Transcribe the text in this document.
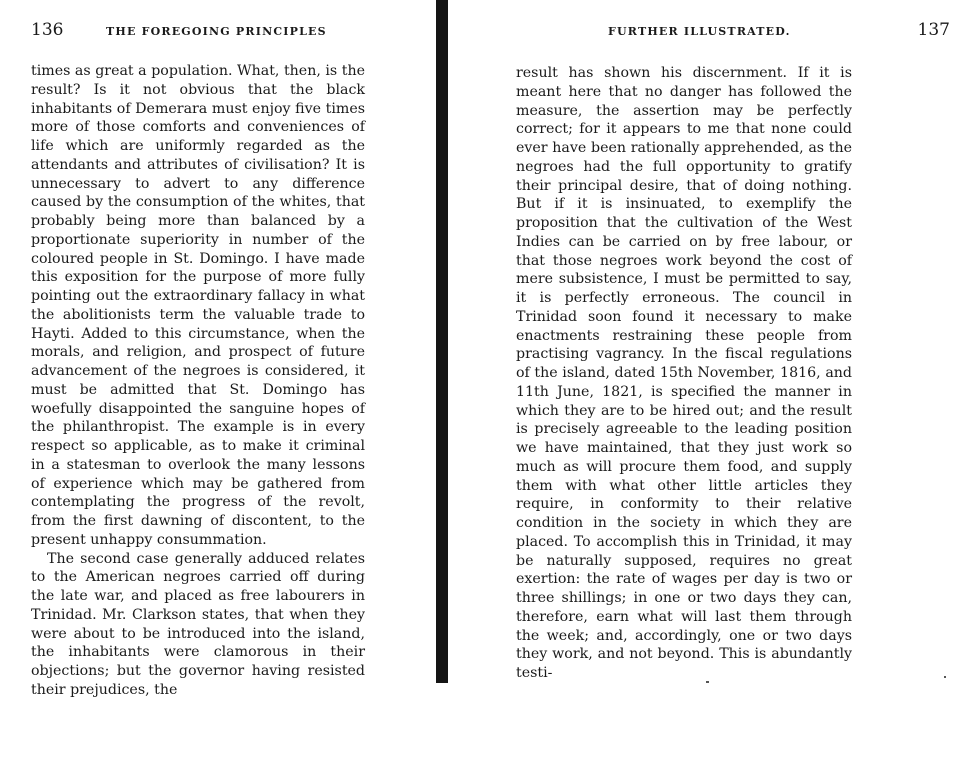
136	THE FOREGOING PRINCIPLES

times as great a population. What, then, is the result? Is it not obvious that the black inhabitants of Demerara must enjoy five times more of those comforts and conveniences of life which are uniformly regarded as the attendants and attributes of civilisation? It is unnecessary to advert to any difference caused by the consumption of the whites, that probably being more than balanced by a proportionate superiority in number of the coloured people in St. Domingo. I have made this exposition for the purpose of more fully pointing out the extraordinary fallacy in what the abolitionists term the valuable trade to Hayti. Added to this circumstance, when the morals, and religion, and prospect of future advancement of the negroes is considered, it must be admitted that St. Domingo has woefully disappointed the sanguine hopes of the philanthropist. The example is in every respect so applicable, as to make it criminal in a statesman to overlook the many lessons of experience which may be gathered from contemplating the progress of the revolt, from the first dawning of discontent, to the present unhappy consummation.

The second case generally adduced relates to the American negroes carried off during the late war, and placed as free labourers in Trinidad. Mr. Clarkson states, that when they were about to be introduced into the island, the inhabitants were clamorous in their objections; but the governor having resisted their prejudices, the

FURTHER ILLUSTRATED.	137

result has shown his discernment. If it is meant here that no danger has followed the measure, the assertion may be perfectly correct; for it appears to me that none could ever have been rationally apprehended, as the negroes had the full opportunity to gratify their principal desire, that of doing nothing. But if it is insinuated, to exemplify the proposition that the cultivation of the West Indies can be carried on by free labour, or that those negroes work beyond the cost of mere subsistence, I must be permitted to say, it is perfectly erroneous. The council in Trinidad soon found it necessary to make enactments restraining these people from practising vagrancy. In the fiscal regulations of the island, dated 15th November, 1816, and 11th June, 1821, is specified the manner in which they are to be hired out; and the result is precisely agreeable to the leading position we have maintained, that they just work so much as will procure them food, and supply them with what other little articles they require, in conformity to their relative condition in the society in which they are placed. To accomplish this in Trinidad, it may be naturally supposed, requires no great exertion: the rate of wages per day is two or three shillings; in one or two days they can, therefore, earn what will last them through the week; and, accordingly, one or two days they work, and not beyond. This is abundantly testi-
